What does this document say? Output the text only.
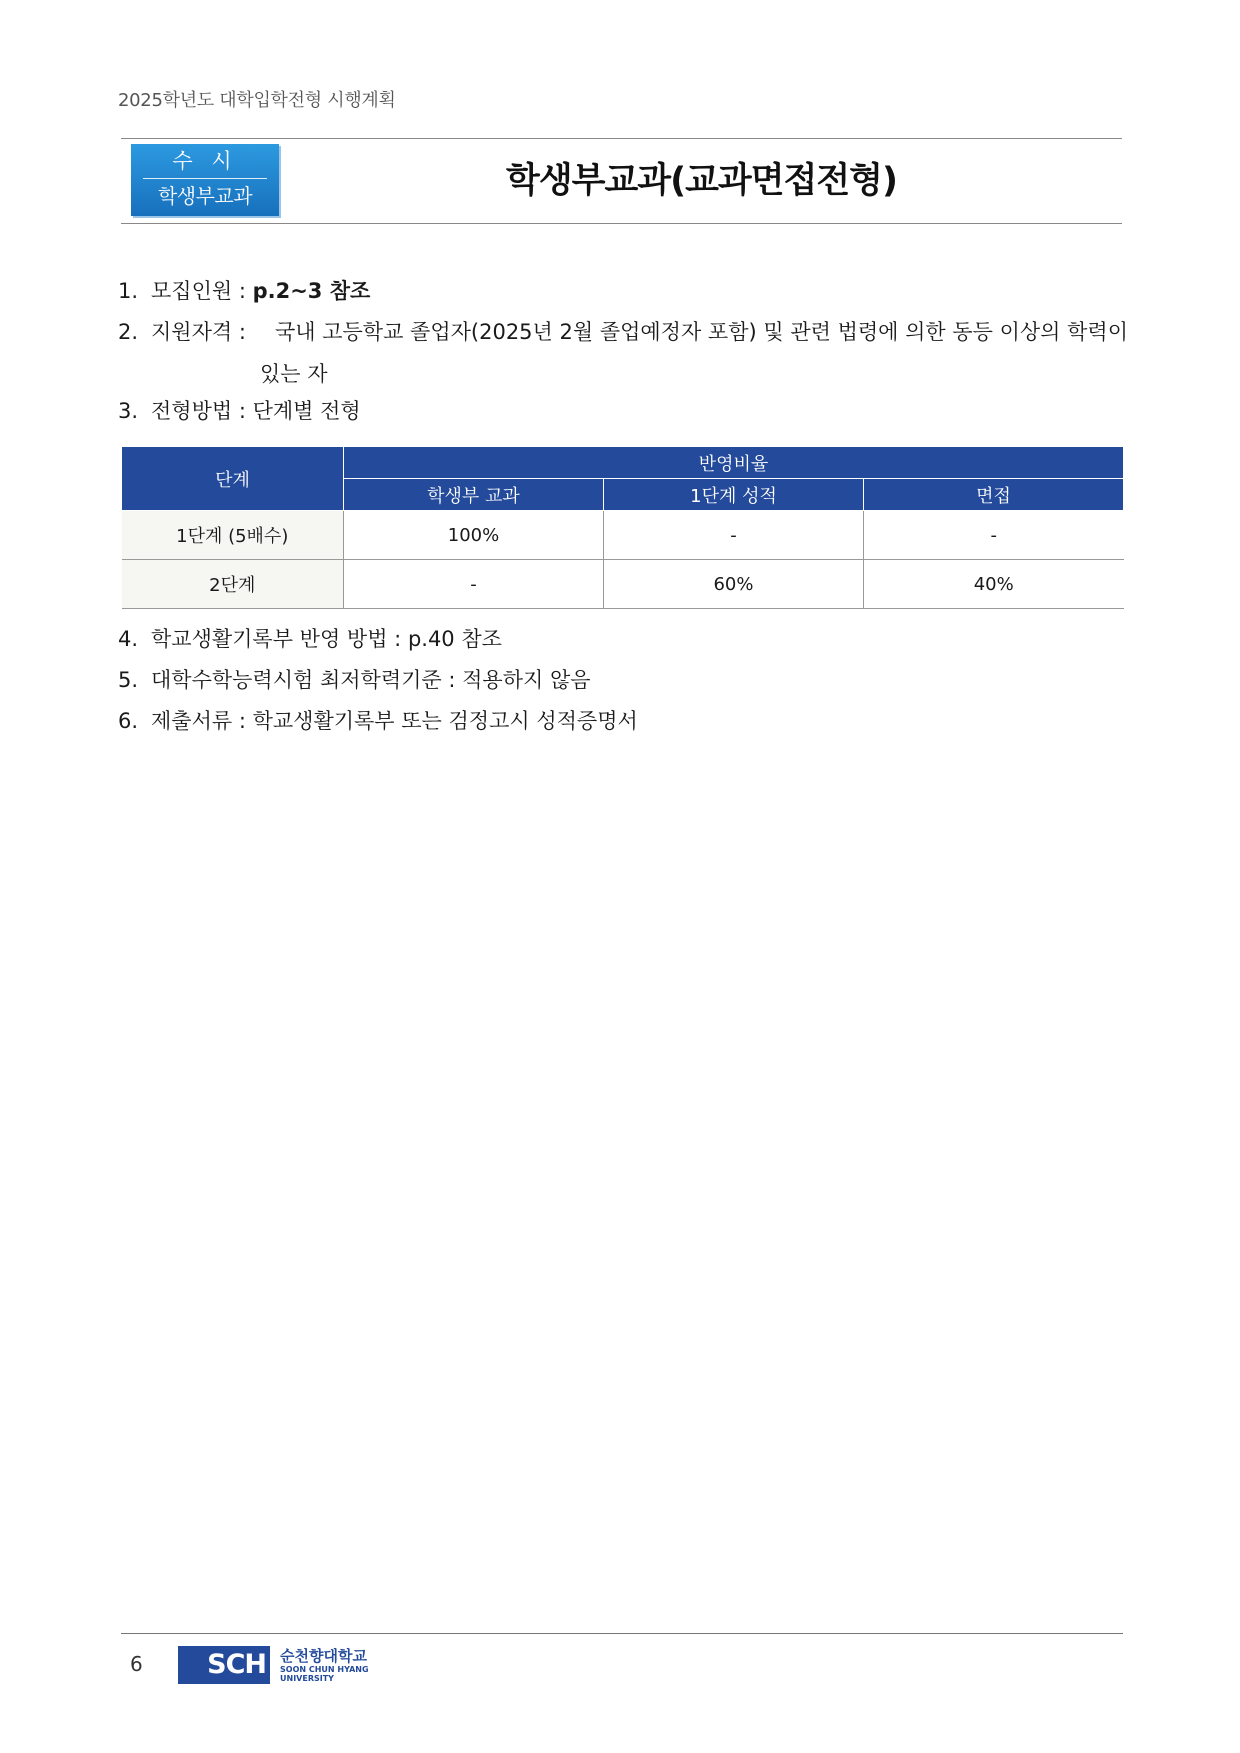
2025학년도 대학입학전형 시행계획
수 시
학생부교과	학생부교과(교과면접전형)
1. 모집인원 : p.2~3 참조
2. 지원자격 : 국내 고등학교 졸업자(2025년 2월 졸업예정자 포함) 및 관련 법령에 의한 동등 이상의 학력이
있는 자
3. 전형방법 : 단계별 전형
단계	반영비율		
	학생부 교과	1단계 성적	면접
1단계 (5배수)	100%	-	-
2단계	-	60%	40%
4. 학교생활기록부 반영 방법 : p.40 참조
5. 대학수학능력시험 최저학력기준 : 적용하지 않음
6. 제출서류 : 학교생활기록부 또는 검정고시 성적증명서
6	SCH 순천향대학교
SOON CHUN HYANG
UNIVERSITY
